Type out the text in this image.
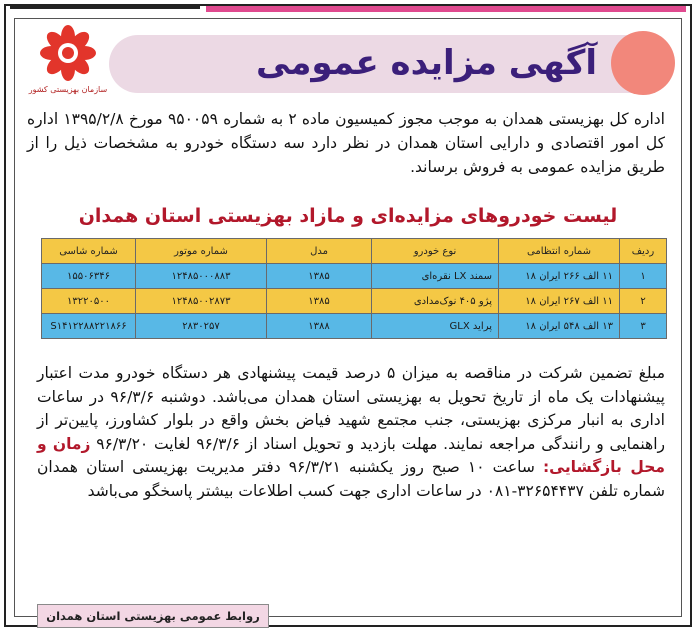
آگهی مزایده عمومی
سازمان بهزیستی کشور

اداره کل بهزیستی همدان به موجب مجوز کمیسیون ماده ۲ به شماره ۹۵۰۰۵۹ مورخ ۱۳۹۵/۲/۸ اداره کل امور اقتصادی و دارایی استان همدان در نظر دارد سه دستگاه خودرو به مشخصات ذیل را از طریق مزایده عمومی به فروش برساند.

لیست خودروهای مزایده‌ای و مازاد بهزیستی استان همدان
ردیف	شماره انتظامی	نوع خودرو	مدل	شماره موتور	شماره شاسی
۱	۱۱ الف ۲۶۶ ایران ۱۸	سمند LX نقره‌ای	۱۳۸۵	۱۲۴۸۵۰۰۰۸۸۳	۱۵۵۰۶۳۴۶
۲	۱۱ الف ۲۶۷ ایران ۱۸	پژو ۴۰۵ نوک‌مدادی	۱۳۸۵	۱۲۴۸۵۰۰۲۸۷۳	۱۳۲۲۰۵۰۰
۳	۱۳ الف ۵۴۸ ایران ۱۸	پراید GLX	۱۳۸۸	۲۸۳۰۲۵۷	S۱۴۱۲۲۸۸۲۲۱۸۶۶

مبلغ تضمین شرکت در مناقصه به میزان ۵ درصد قیمت پیشنهادی هر دستگاه خودرو مدت اعتبار پیشنهادات یک ماه از تاریخ تحویل به بهزیستی استان همدان می‌باشد. دوشنبه ۹۶/۳/۶ در ساعات اداری به انبار مرکزی بهزیستی، جنب مجتمع شهید فیاض بخش واقع در بلوار کشاورز، پایین‌تر از راهنمایی و رانندگی مراجعه نمایند. مهلت بازدید و تحویل اسناد از ۹۶/۳/۶ لغایت ۹۶/۳/۲۰ زمان و محل بازگشایی: ساعت ۱۰ صبح روز یکشنبه ۹۶/۳/۲۱ دفتر مدیریت بهزیستی استان همدان شماره تلفن ۳۲۶۵۴۴۳۷-۰۸۱ در ساعات اداری جهت کسب اطلاعات بیشتر پاسخگو می‌باشد

روابط عمومی بهزیستی استان همدان
